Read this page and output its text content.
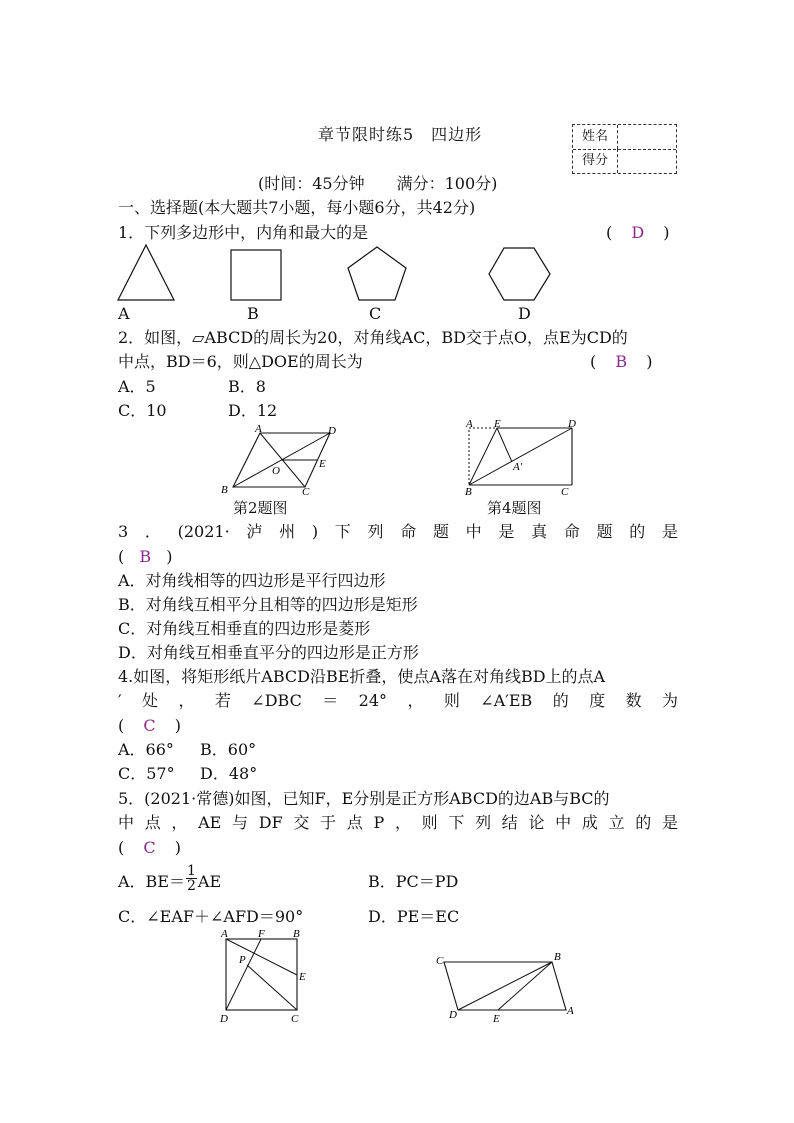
章节限时练5　四边形	姓名
得分
(时间：45分钟　　满分：100分)
一、选择题(本大题共7小题，每小题6分，共42分)
1．下列多边形中，内角和最大的是	( D )
A	B	C	D
2．如图，▱ABCD的周长为20，对角线AC，BD交于点O，点E为CD的
中点，BD＝6，则△DOE的周长为	( B )
A．5	B．8
C．10	D．12
A	D
O
E
B	C
A E	D
A′
B	C
第2题图	第4题图
3．(2021·泸州)下列命题中是真命题的是
( B )
A．对角线相等的四边形是平行四边形
B．对角线互相平分且相等的四边形是矩形
C．对角线互相垂直的四边形是菱形
D．对角线互相垂直平分的四边形是正方形
4.如图，将矩形纸片ABCD沿BE折叠，使点A落在对角线BD上的点A
′处，若∠DBC＝24°，则∠A′EB的度数为
( C )
A．66° B．60°
C．57° D．48°
5．(2021·常德)如图，已知F，E分别是正方形ABCD的边AB与BC的
中点，AE与DF交于点P，则下列结论中成立的是
( C )
A．$BE= \frac{1}{2}$ AE	B．PC＝PD
C．∠EAF＋∠AFD＝90°	D．PE＝EC
A	F	B
P
E
D	C
C	B
D	E
A
